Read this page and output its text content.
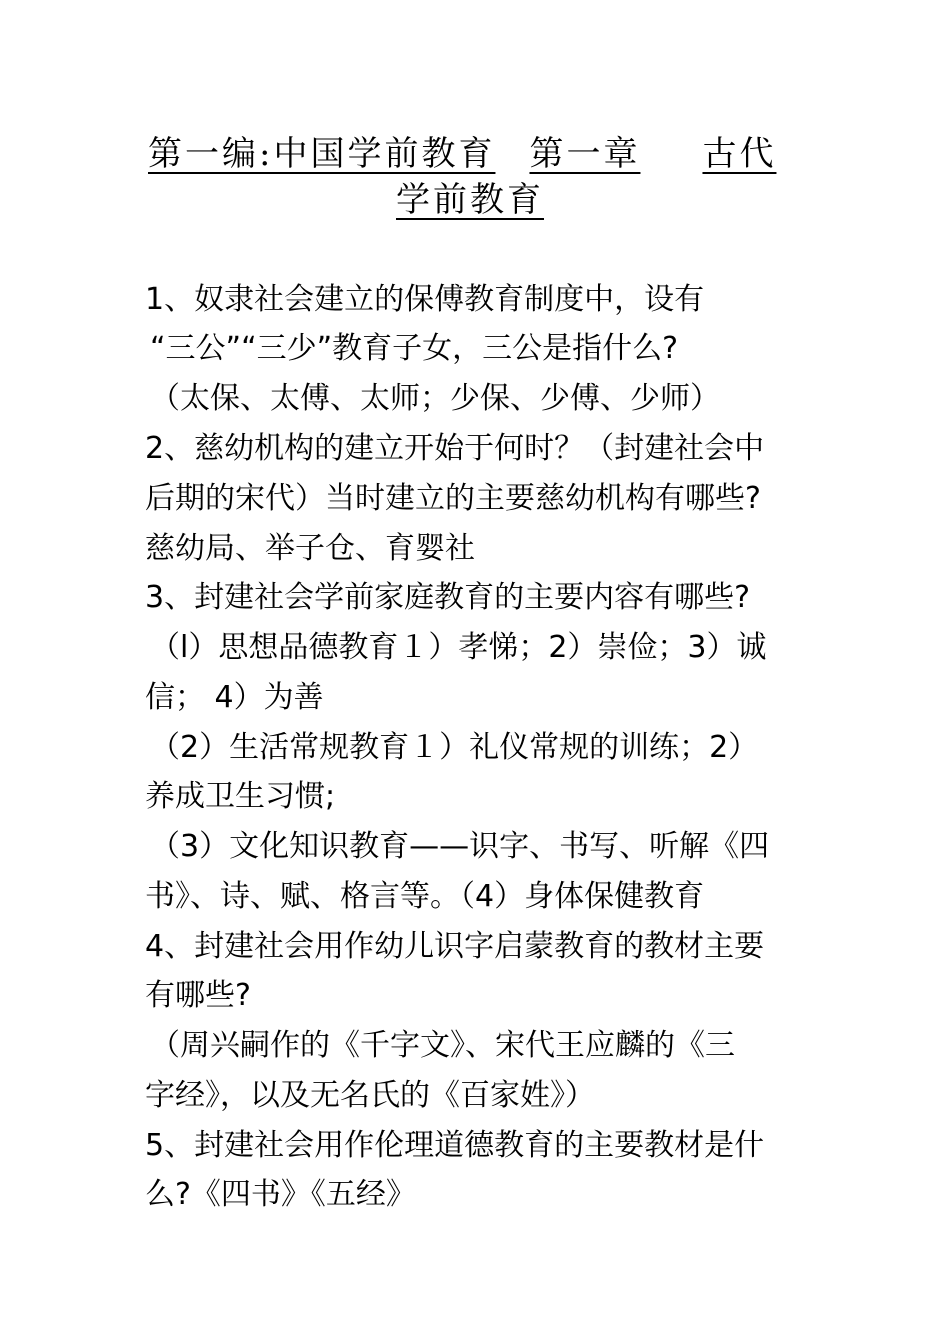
第一编:中国学前教育 第一章 古代
学前教育
1、奴隶社会建立的保傅教育制度中，设有
“三公”“三少”教育子女，三公是指什么?
（太保、太傅、太师；少保、少傅、少师）
2、慈幼机构的建立开始于何时？（封建社会中
后期的宋代）当时建立的主要慈幼机构有哪些?
慈幼局、举子仓、育婴社
3、封建社会学前家庭教育的主要内容有哪些?
（l）思想品德教育１）孝悌；2）崇俭；3）诚
信； 4）为善
（2）生活常规教育１）礼仪常规的训练；2）
养成卫生习惯;
（3）文化知识教育——识字、书写、听解《四
书》、诗、赋、格言等。（4）身体保健教育
4、封建社会用作幼儿识字启蒙教育的教材主要
有哪些?
（周兴嗣作的《千字文》、宋代王应麟的《三
字经》，以及无名氏的《百家姓》）
5、封建社会用作伦理道德教育的主要教材是什
么?《四书》《五经》
